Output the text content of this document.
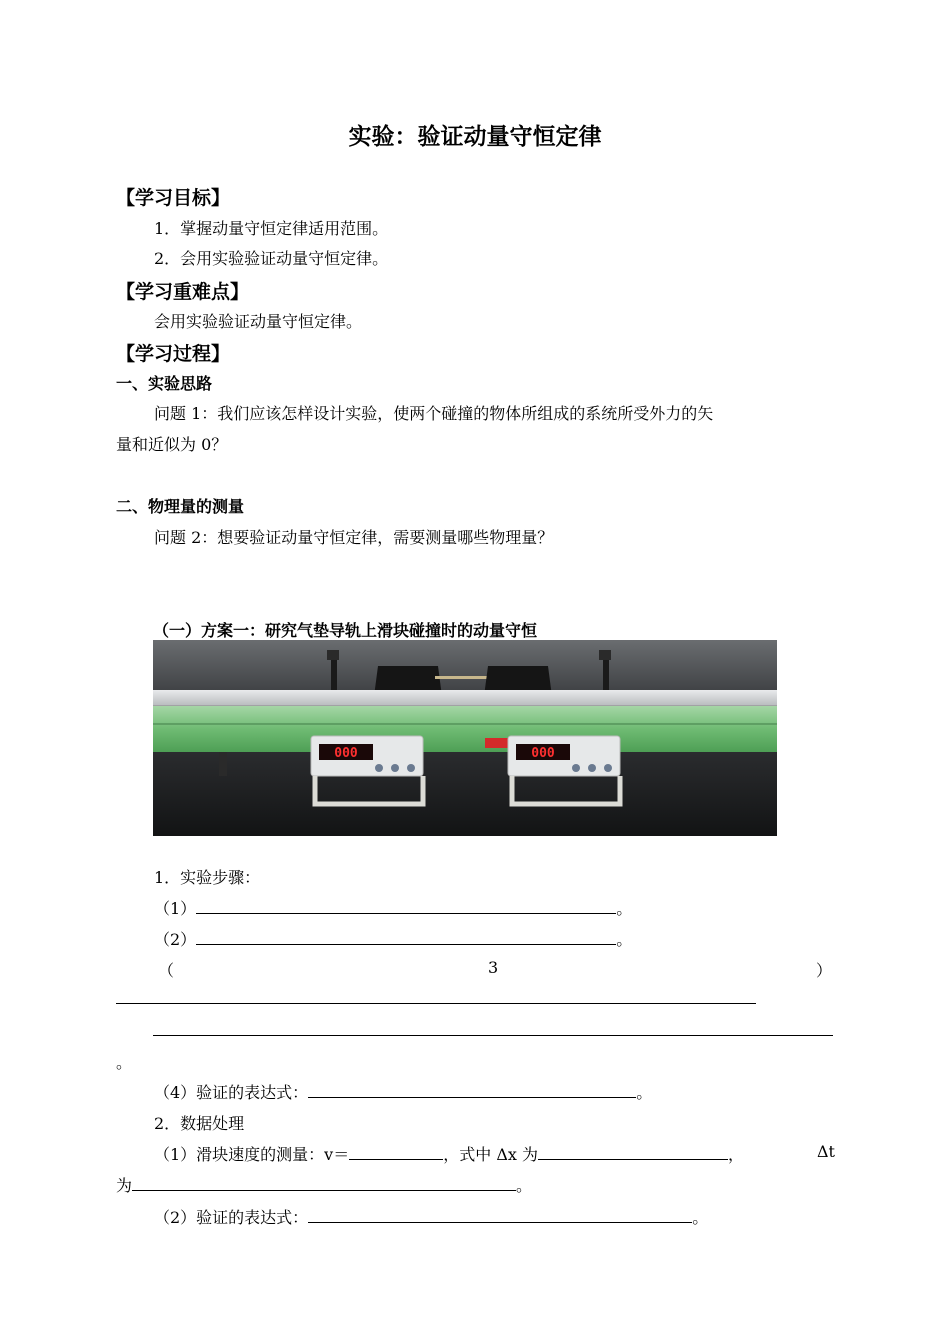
实验：验证动量守恒定律
【学习目标】
1．掌握动量守恒定律适用范围。
2．会用实验验证动量守恒定律。
【学习重难点】
会用实验验证动量守恒定律。
【学习过程】
一、实验思路
问题 1：我们应该怎样设计实验，使两个碰撞的物体所组成的系统所受外力的矢
量和近似为 0？
二、物理量的测量
问题 2：想要验证动量守恒定律，需要测量哪些物理量？
（一）方案一：研究气垫导轨上滑块碰撞时的动量守恒
000	000
1．实验步骤：
（1）	。
（2）	。
（	3	）
。
（4）验证的表达式：	。
2．数据处理
（1）滑块速度的测量：v＝	，式中 Δx 为	，	Δt
为	。
（2）验证的表达式：	。
